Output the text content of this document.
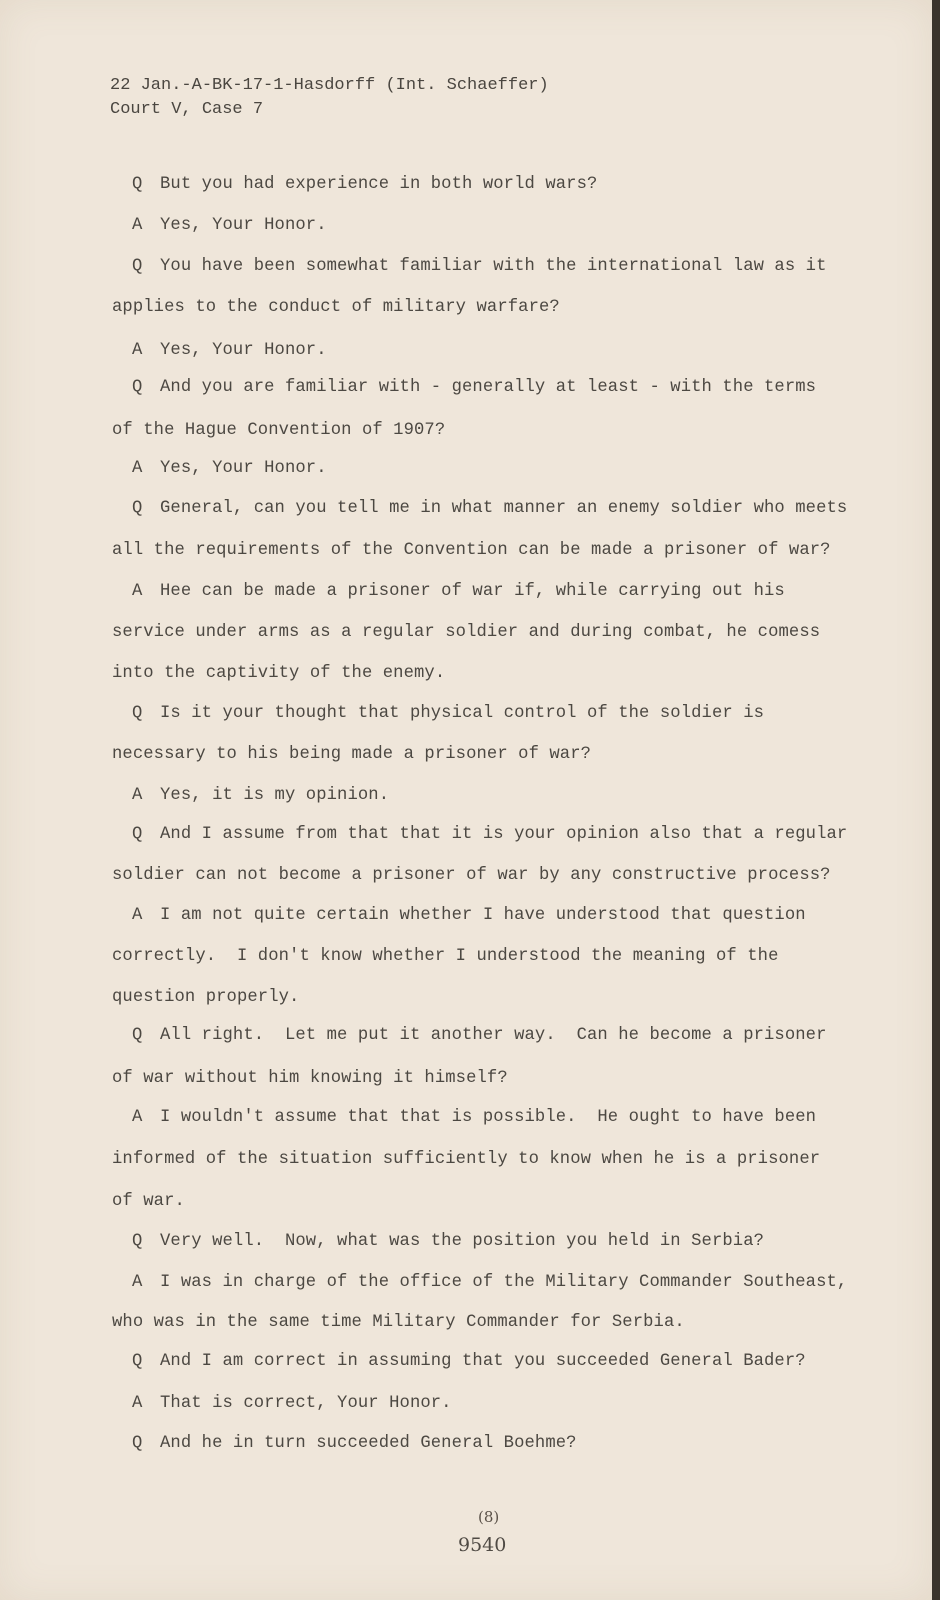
22 Jan.-A-BK-17-1-Hasdorff (Int. Schaeffer)
Court V, Case 7
Q But you had experience in both world wars?
A Yes, Your Honor.
Q You have been somewhat familiar with the international law as it
applies to the conduct of military warfare?
A Yes, Your Honor.
Q And you are familiar with - generally at least - with the terms
of the Hague Convention of 1907?
A Yes, Your Honor.
Q General, can you tell me in what manner an enemy soldier who meets
all the requirements of the Convention can be made a prisoner of war?
A Hee can be made a prisoner of war if, while carrying out his
service under arms as a regular soldier and during combat, he comess
into the captivity of the enemy.
Q Is it your thought that physical control of the soldier is
necessary to his being made a prisoner of war?
A Yes, it is my opinion.
Q And I assume from that that it is your opinion also that a regular
soldier can not become a prisoner of war by any constructive process?
A I am not quite certain whether I have understood that question
correctly.  I don't know whether I understood the meaning of the
question properly.
Q All right.  Let me put it another way.  Can he become a prisoner
of war without him knowing it himself?
A I wouldn't assume that that is possible.  He ought to have been
informed of the situation sufficiently to know when he is a prisoner
of war.
Q Very well.  Now, what was the position you held in Serbia?
A I was in charge of the office of the Military Commander Southeast,
who was in the same time Military Commander for Serbia.
Q And I am correct in assuming that you succeeded General Bader?
A That is correct, Your Honor.
Q And he in turn succeeded General Boehme?
(8)
9540
